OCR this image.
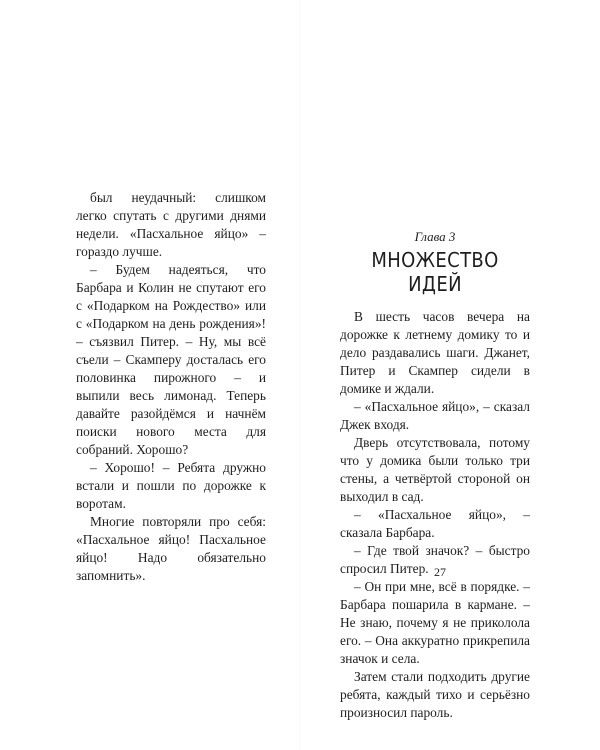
был неудачный: слишком легко спутать с другими днями недели. «Пасхальное яйцо» – гораздо лучше.

– Будем надеяться, что Барбара и Колин не спутают его с «Подарком на Рождество» или с «Подарком на день рождения»! – съязвил Питер. – Ну, мы всё съели – Скамперу досталась его половинка пирожного – и выпили весь лимонад. Теперь давайте разойдёмся и начнём поиски нового места для собраний. Хорошо?

– Хорошо! – Ребята дружно встали и пошли по дорожке к воротам.

Многие повторяли про себя: «Пасхальное яйцо! Пасхальное яйцо! Надо обязательно запомнить».

Глава 3
МНОЖЕСТВО ИДЕЙ

В шесть часов вечера на дорожке к летнему домику то и дело раздавались шаги. Джанет, Питер и Скампер сидели в домике и ждали.

– «Пасхальное яйцо», – сказал Джек входя.

Дверь отсутствовала, потому что у домика были только три стены, а четвёртой стороной он выходил в сад.

– «Пасхальное яйцо», – сказала Барбара.

– Где твой значок? – быстро спросил Питер.

– Он при мне, всё в порядке. – Барбара пошарила в кармане. – Не знаю, почему я не приколола его. – Она аккуратно прикрепила значок и села.

Затем стали подходить другие ребята, каждый тихо и серьёзно произносил пароль.

27
